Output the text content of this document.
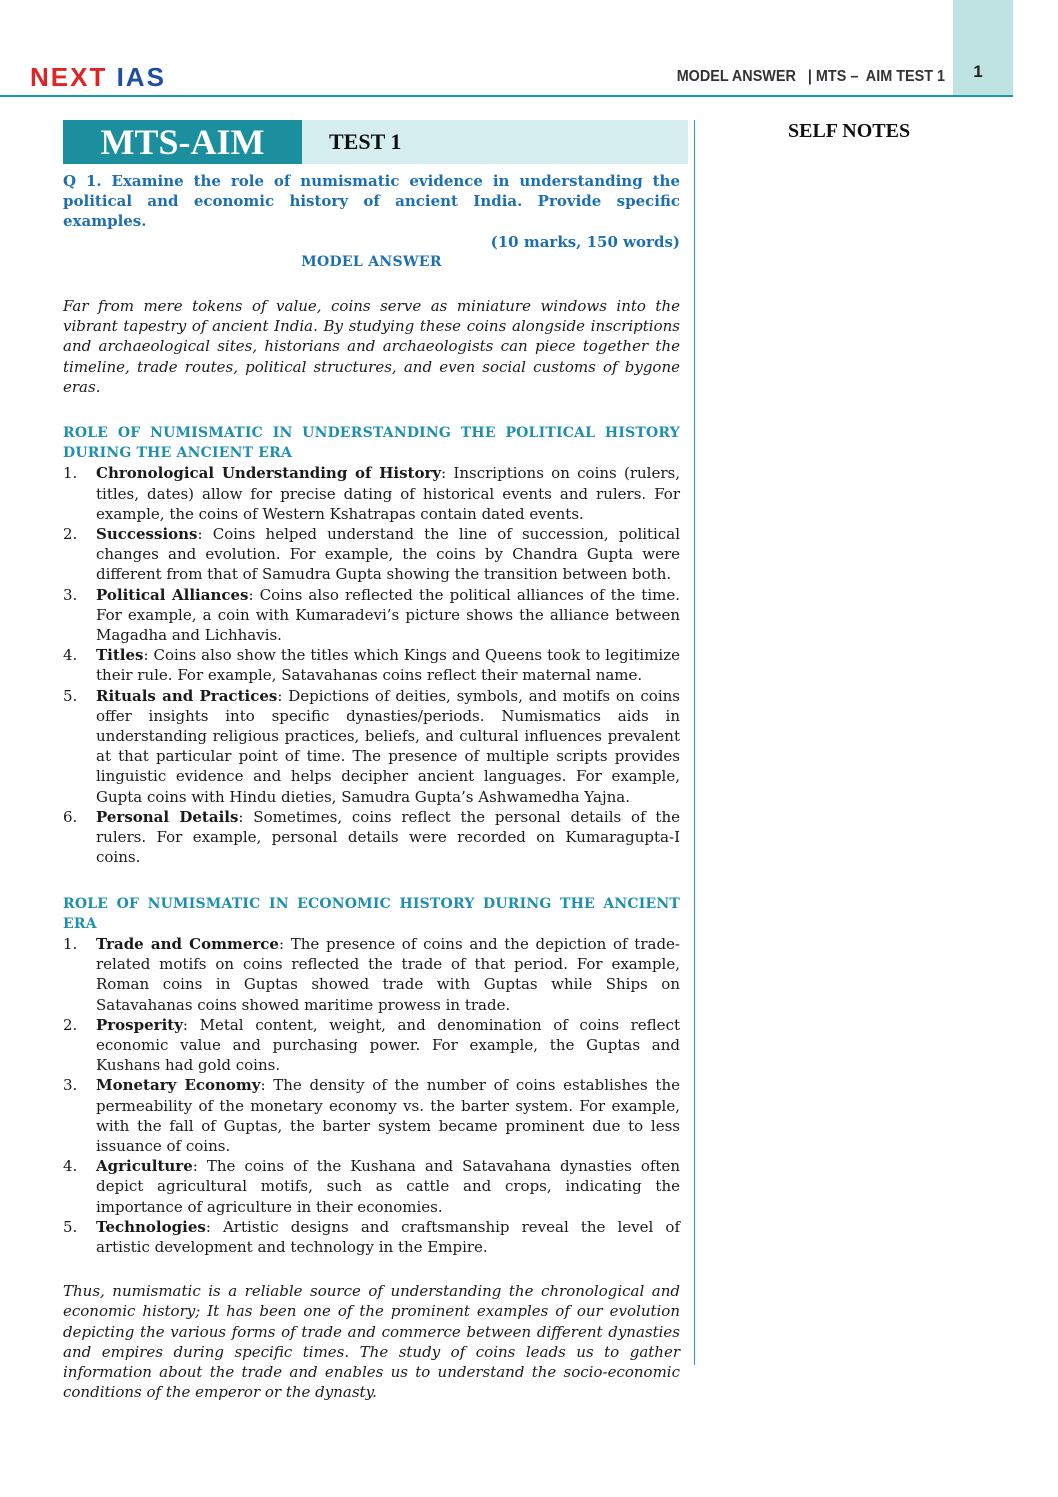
NEXT IAS	MODEL ANSWER   | MTS –  AIM TEST 1	1
SELF NOTES
MTS-AIM	TEST 1
Q 1. Examine the role of numismatic evidence in understanding the political and economic history of ancient India. Provide specific examples.
(10 marks, 150 words)
MODEL ANSWER
Far from mere tokens of value, coins serve as miniature windows into the vibrant tapestry of ancient India. By studying these coins alongside inscriptions and archaeological sites, historians and archaeologists can piece together the timeline, trade routes, political structures, and even social customs of bygone eras.
ROLE OF NUMISMATIC IN UNDERSTANDING THE POLITICAL HISTORY DURING THE ANCIENT ERA
1.	Chronological Understanding of History: Inscriptions on coins (rulers, titles, dates) allow for precise dating of historical events and rulers. For example, the coins of Western Kshatrapas contain dated events.
2.	Successions: Coins helped understand the line of succession, political changes and evolution. For example, the coins by Chandra Gupta were different from that of Samudra Gupta showing the transition between both.
3.	Political Alliances: Coins also reflected the political alliances of the time. For example, a coin with Kumaradevi’s picture shows the alliance between Magadha and Lichhavis.
4.	Titles: Coins also show the titles which Kings and Queens took to legitimize their rule. For example, Satavahanas coins reflect their maternal name.
5.	Rituals and Practices: Depictions of deities, symbols, and motifs on coins offer insights into specific dynasties/periods. Numismatics aids in understanding religious practices, beliefs, and cultural influences prevalent at that particular point of time. The presence of multiple scripts provides linguistic evidence and helps decipher ancient languages. For example, Gupta coins with Hindu dieties, Samudra Gupta’s Ashwamedha Yajna.
6.	Personal Details: Sometimes, coins reflect the personal details of the rulers. For example, personal details were recorded on Kumaragupta-I coins.
ROLE OF NUMISMATIC IN ECONOMIC HISTORY DURING THE ANCIENT ERA
1.	Trade and Commerce: The presence of coins and the depiction of trade-related motifs on coins reflected the trade of that period. For example, Roman coins in Guptas showed trade with Guptas while Ships on Satavahanas coins showed maritime prowess in trade.
2.	Prosperity: Metal content, weight, and denomination of coins reflect economic value and purchasing power. For example, the Guptas and Kushans had gold coins.
3.	Monetary Economy: The density of the number of coins establishes the permeability of the monetary economy vs. the barter system. For example, with the fall of Guptas, the barter system became prominent due to less issuance of coins.
4.	Agriculture: The coins of the Kushana and Satavahana dynasties often depict agricultural motifs, such as cattle and crops, indicating the importance of agriculture in their economies.
5.	Technologies: Artistic designs and craftsmanship reveal the level of artistic development and technology in the Empire.
Thus, numismatic is a reliable source of understanding the chronological and economic history; It has been one of the prominent examples of our evolution depicting the various forms of trade and commerce between different dynasties and empires during specific times. The study of coins leads us to gather information about the trade and enables us to understand the socio-economic conditions of the emperor or the dynasty.
